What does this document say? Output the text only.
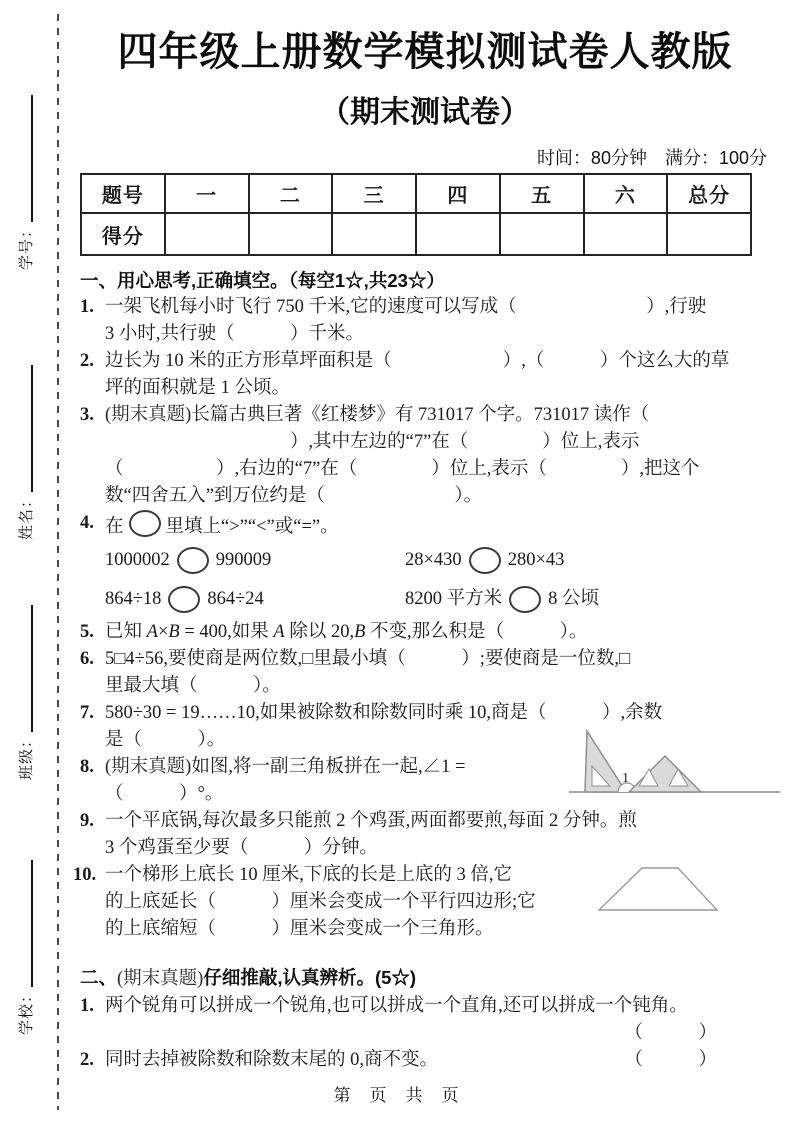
学号：
姓名：
班级：
学校：
四年级上册数学模拟测试卷人教版
（期末测试卷）
时间：80分钟　满分：100分
题号	一	二	三	四	五	六	总分
得分							
一、用心思考,正确填空。（每空1☆,共23☆）
1. 一架飞机每小时飞行 750 千米,它的速度可以写成（　　　　　　　）,行驶
3 小时,共行驶（　　　）千米。
2. 边长为 10 米的正方形草坪面积是（　　　　　　）,（　　　）个这么大的草
坪的面积就是 1 公顷。
3. (期末真题)长篇古典巨著《红楼梦》有 731017 个字。731017 读作（
　　　　　　　　　　）,其中左边的“7”在（　　　　）位上,表示
（　　　　　）,右边的“7”在（　　　　）位上,表示（　　　　）,把这个
数“四舍五入”到万位约是（　　　　　　　）。
4. 在 里填上“>”“<”或“=”。
1000002 990009	28×430 280×43
864÷18 864÷24	8200 平方米 8 公顷
5. 已知 A×B = 400,如果 A 除以 20,B 不变,那么积是（　　　）。
6. 5□4÷56,要使商是两位数,□里最小填（　　　）;要使商是一位数,□
里最大填（　　　）。
7. 580÷30 = 19……10,如果被除数和除数同时乘 10,商是（　　　）,余数
是（　　　）。
8. (期末真题)如图,将一副三角板拼在一起,∠1 =
（　　　）°。
1
9. 一个平底锅,每次最多只能煎 2 个鸡蛋,两面都要煎,每面 2 分钟。煎
3 个鸡蛋至少要（　　　）分钟。
10. 一个梯形上底长 10 厘米,下底的长是上底的 3 倍,它
的上底延长（　　　）厘米会变成一个平行四边形;它
的上底缩短（　　　）厘米会变成一个三角形。
二、(期末真题)仔细推敲,认真辨析。(5☆)
1. 两个锐角可以拼成一个锐角,也可以拼成一个直角,还可以拼成一个钝角。
（　　　）
2. 同时去掉被除数和除数末尾的 0,商不变。	（　　　）
第　页　共　页
